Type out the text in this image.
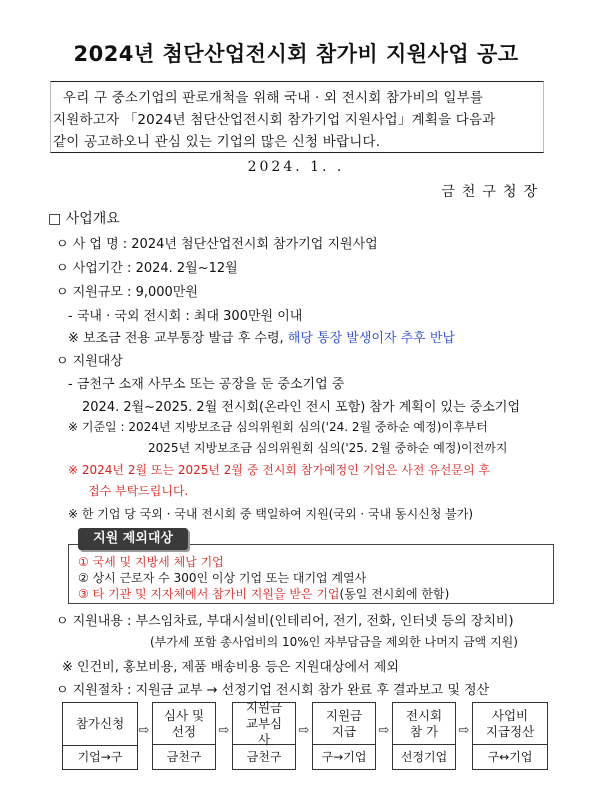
2024년 첨단산업전시회 참가비 지원사업 공고
우리 구 중소기업의 판로개척을 위해 국내 · 외 전시회 참가비의 일부를
지원하고자 「2024년 첨단산업전시회 참가기업 지원사업」계획을 다음과
같이 공고하오니 관심 있는 기업의 많은 신청 바랍니다.
2024. 1. .
금천구청장
□ 사업개요
ㅇ 사 업 명 : 2024년 첨단산업전시회 참가기업 지원사업
ㅇ 사업기간 : 2024. 2월~12월
ㅇ 지원규모 : 9,000만원
- 국내 · 국외 전시회 : 최대 300만원 이내
※ 보조금 전용 교부통장 발급 후 수령, 해당 통장 발생이자 추후 반납
ㅇ 지원대상
- 금천구 소재 사무소 또는 공장을 둔 중소기업 중
2024. 2월~2025. 2월 전시회(온라인 전시 포함) 참가 계획이 있는 중소기업
※ 기준일 : 2024년 지방보조금 심의위원회 심의('24. 2월 중하순 예정)이후부터
2025년 지방보조금 심의위원회 심의('25. 2월 중하순 예정)이전까지
※ 2024년 2월 또는 2025년 2월 중 전시회 참가예정인 기업은 사전 유선문의 후
접수 부탁드립니다.
※ 한 기업 당 국외 · 국내 전시회 중 택일하여 지원(국외 · 국내 동시신청 불가)
지원 제외대상
① 국세 및 지방세 체납 기업
② 상시 근로자 수 300인 이상 기업 또는 대기업 계열사
③ 타 기관 및 지자체에서 참가비 지원을 받은 기업(동일 전시회에 한함)
ㅇ 지원내용 : 부스임차료, 부대시설비(인테리어, 전기, 전화, 인터넷 등의 장치비)
(부가세 포함 총사업비의 10%인 자부담금을 제외한 나머지 금액 지원)
※ 인건비, 홍보비용, 제품 배송비용 등은 지원대상에서 제외
ㅇ 지원절차 : 지원금 교부 → 선정기업 전시회 참가 완료 후 결과보고 및 정산
참가신청
기업→구
⇨
심사 및 선정
금천구
⇨
지원금 교부심사
금천구
⇨
지원금 지급
구→기업
⇨
전시회 참 가
선정기업
⇨
사업비 지급정산
구↔기업
